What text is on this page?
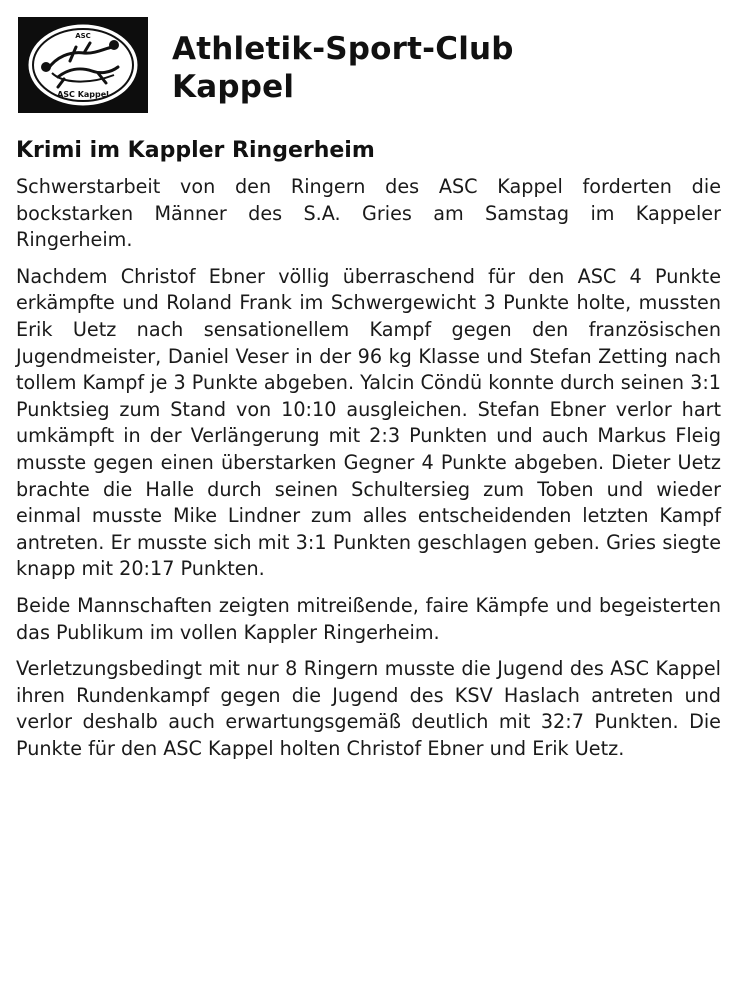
ASC
ASC Kappel
Athletik-Sport-Club
Kappel
Krimi im Kappler Ringerheim

Schwerstarbeit von den Ringern des ASC Kappel forderten die bockstarken Männer des S.A. Gries am Samstag im Kappeler Ringerheim.

Nachdem Christof Ebner völlig überraschend für den ASC 4 Punkte erkämpfte und Roland Frank im Schwergewicht 3 Punkte holte, mussten Erik Uetz nach sensationellem Kampf gegen den französischen Jugendmeister, Daniel Veser in der 96 kg Klasse und Stefan Zetting nach tollem Kampf je 3 Punkte abgeben. Yalcin Cöndü konnte durch seinen 3:1 Punktsieg zum Stand von 10:10 ausgleichen. Stefan Ebner verlor hart umkämpft in der Verlängerung mit 2:3 Punkten und auch Markus Fleig musste gegen einen überstarken Gegner 4 Punkte abgeben. Dieter Uetz brachte die Halle durch seinen Schultersieg zum Toben und wieder einmal musste Mike Lindner zum alles entscheidenden letzten Kampf antreten. Er musste sich mit 3:1 Punkten geschlagen geben. Gries siegte knapp mit 20:17 Punkten.

Beide Mannschaften zeigten mitreißende, faire Kämpfe und begeisterten das Publikum im vollen Kappler Ringerheim.

Verletzungsbedingt mit nur 8 Ringern musste die Jugend des ASC Kappel ihren Rundenkampf gegen die Jugend des KSV Haslach antreten und verlor deshalb auch erwartungsgemäß deutlich mit 32:7 Punkten. Die Punkte für den ASC Kappel holten Christof Ebner und Erik Uetz.
